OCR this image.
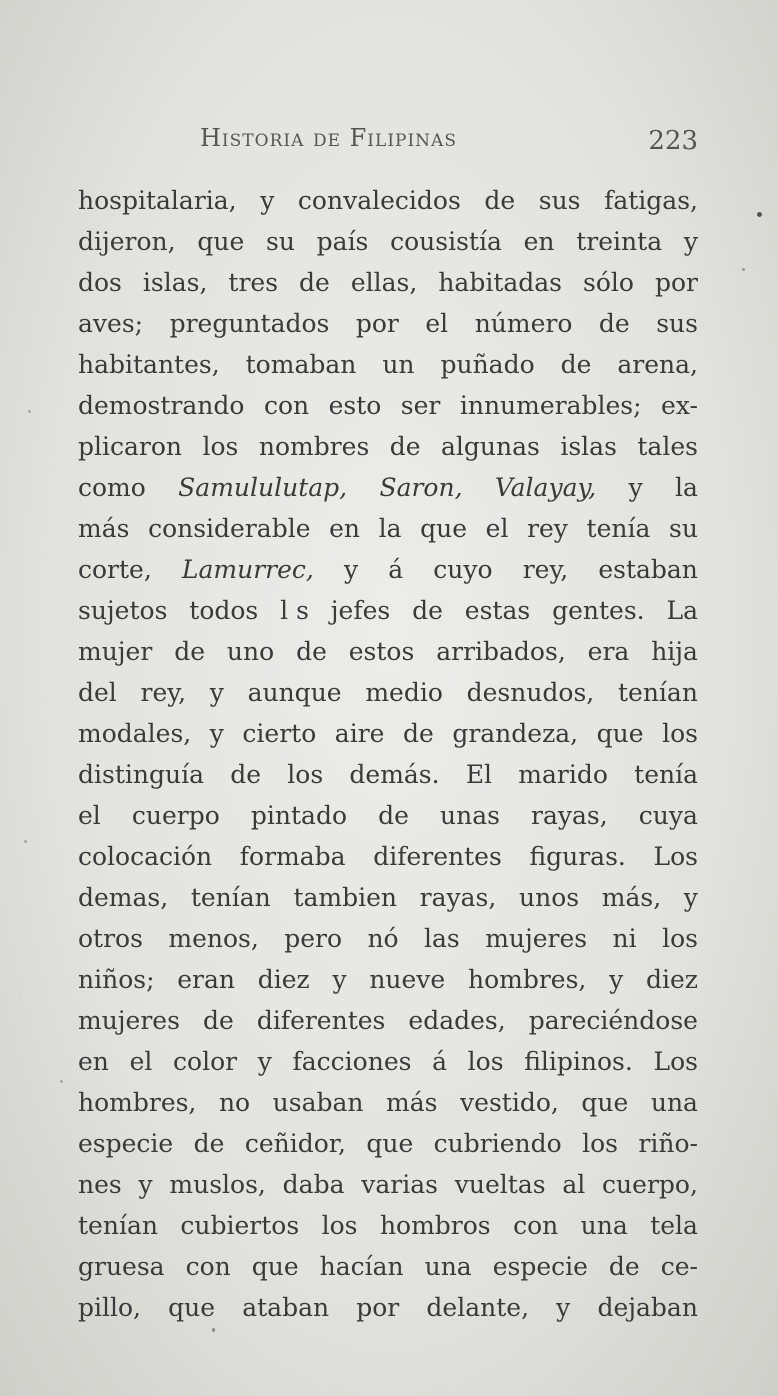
Historia de Filipinas	223
hospitalaria, y convalecidos de sus fatigas,
dijeron, que su país cousistía en treinta y
dos islas, tres de ellas, habitadas sólo por
aves; preguntados por el número de sus
habitantes, tomaban un puñado de arena,
demostrando con esto ser innumerables; ex-
plicaron los nombres de algunas islas tales
como Samululutap, Saron, Valayay, y la
más considerable en la que el rey tenía su
corte, Lamurrec, y á cuyo rey, estaban
sujetos todos l s jefes de estas gentes. La
mujer de uno de estos arribados, era hija
del rey, y aunque medio desnudos, tenían
modales, y cierto aire de grandeza, que los
distinguía de los demás. El marido tenía
el cuerpo pintado de unas rayas, cuya
colocación formaba diferentes figuras. Los
demas, tenían tambien rayas, unos más, y
otros menos, pero nó las mujeres ni los
niños; eran diez y nueve hombres, y diez
mujeres de diferentes edades, pareciéndose
en el color y facciones á los filipinos. Los
hombres, no usaban más vestido, que una
especie de ceñidor, que cubriendo los riño-
nes y muslos, daba varias vueltas al cuerpo,
tenían cubiertos los hombros con una tela
gruesa con que hacían una especie de ce-
pillo, que ataban por delante, y dejaban
